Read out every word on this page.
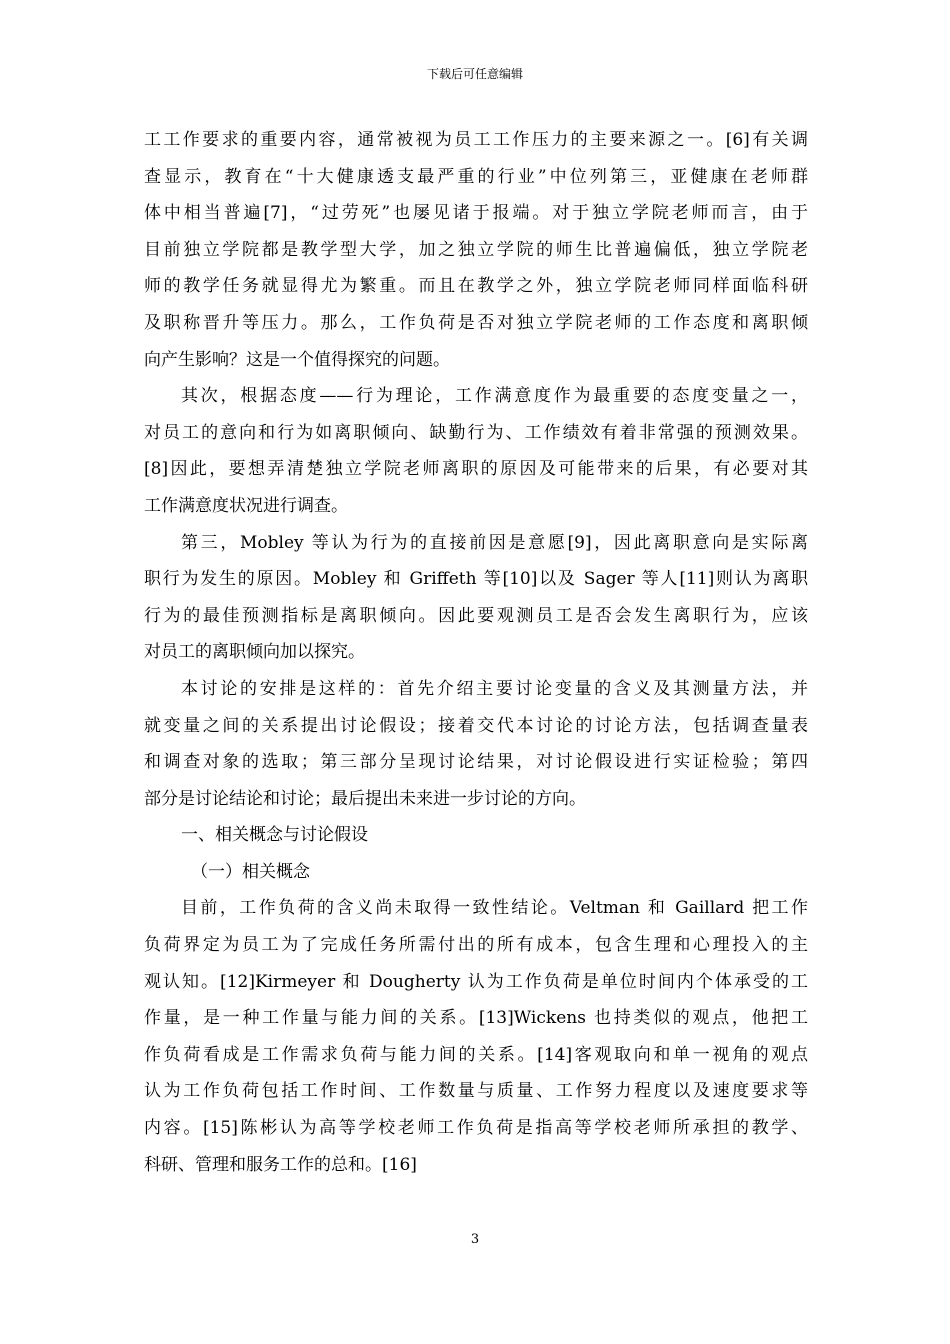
下载后可任意编辑
工工作要求的重要内容，通常被视为员工工作压力的主要来源之一。[6]有关调
查显示，教育在“十大健康透支最严重的行业”中位列第三，亚健康在老师群
体中相当普遍[7]，“过劳死”也屡见诸于报端。对于独立学院老师而言，由于
目前独立学院都是教学型大学，加之独立学院的师生比普遍偏低，独立学院老
师的教学任务就显得尤为繁重。而且在教学之外，独立学院老师同样面临科研
及职称晋升等压力。那么，工作负荷是否对独立学院老师的工作态度和离职倾
向产生影响？这是一个值得探究的问题。
其次，根据态度——行为理论，工作满意度作为最重要的态度变量之一，
对员工的意向和行为如离职倾向、缺勤行为、工作绩效有着非常强的预测效果。
[8]因此，要想弄清楚独立学院老师离职的原因及可能带来的后果，有必要对其
工作满意度状况进行调查。
第三，Mobley 等认为行为的直接前因是意愿[9]，因此离职意向是实际离
职行为发生的原因。Mobley 和 Griffeth 等[10]以及 Sager 等人[11]则认为离职
行为的最佳预测指标是离职倾向。因此要观测员工是否会发生离职行为，应该
对员工的离职倾向加以探究。
本讨论的安排是这样的：首先介绍主要讨论变量的含义及其测量方法，并
就变量之间的关系提出讨论假设；接着交代本讨论的讨论方法，包括调查量表
和调查对象的选取；第三部分呈现讨论结果，对讨论假设进行实证检验；第四
部分是讨论结论和讨论；最后提出未来进一步讨论的方向。
一、相关概念与讨论假设
（一）相关概念
目前，工作负荷的含义尚未取得一致性结论。Veltman 和 Gaillard 把工作
负荷界定为员工为了完成任务所需付出的所有成本，包含生理和心理投入的主
观认知。[12]Kirmeyer 和 Dougherty 认为工作负荷是单位时间内个体承受的工
作量，是一种工作量与能力间的关系。[13]Wickens 也持类似的观点，他把工
作负荷看成是工作需求负荷与能力间的关系。[14]客观取向和单一视角的观点
认为工作负荷包括工作时间、工作数量与质量、工作努力程度以及速度要求等
内容。[15]陈彬认为高等学校老师工作负荷是指高等学校老师所承担的教学、
科研、管理和服务工作的总和。[16]
3
